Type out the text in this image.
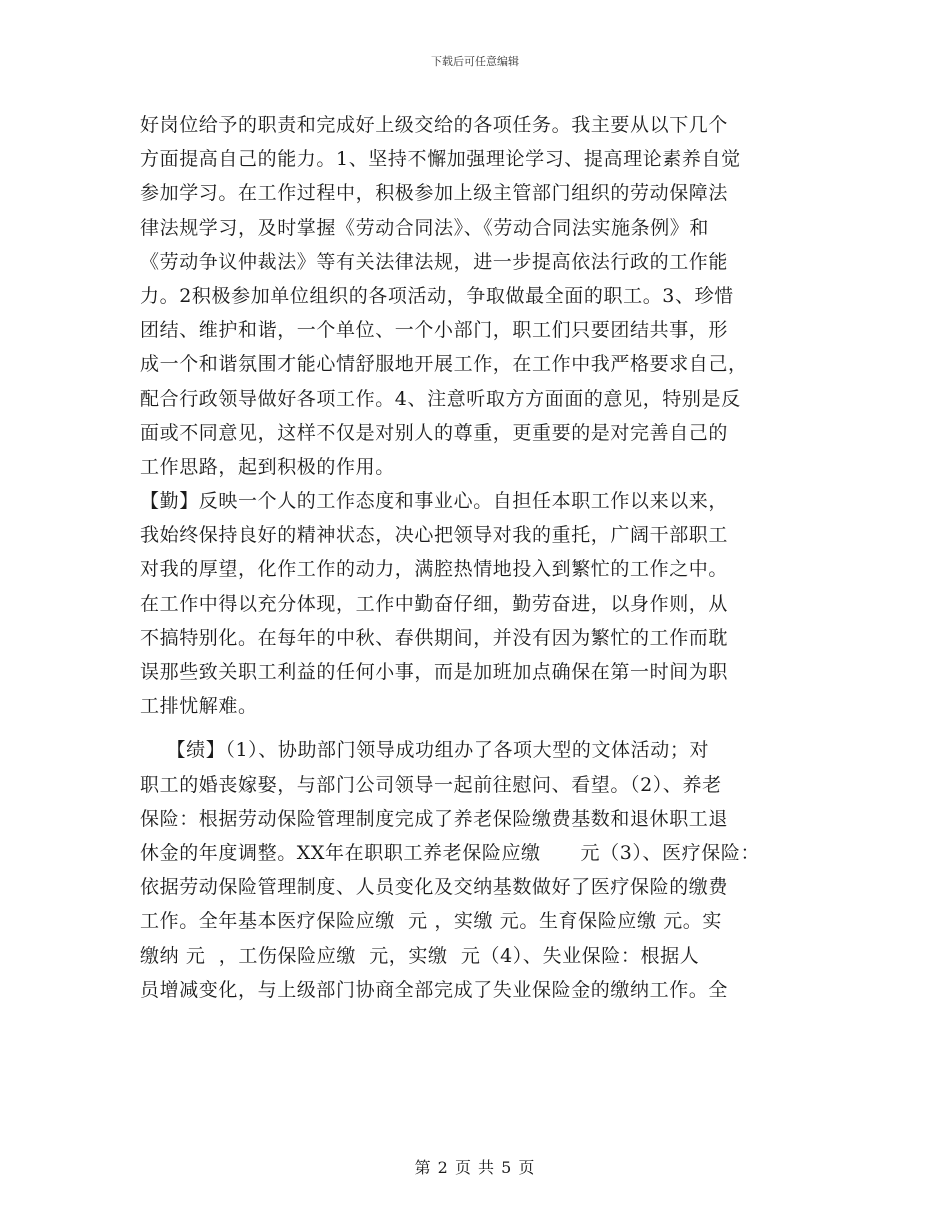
下载后可任意编辑
好岗位给予的职责和完成好上级交给的各项任务。我主要从以下几个
方面提高自己的能力。1、坚持不懈加强理论学习、提高理论素养自觉
参加学习。在工作过程中，积极参加上级主管部门组织的劳动保障法
律法规学习，及时掌握《劳动合同法》、《劳动合同法实施条例》和
《劳动争议仲裁法》等有关法律法规，进一步提高依法行政的工作能
力。2积极参加单位组织的各项活动，争取做最全面的职工。3、珍惜
团结、维护和谐，一个单位、一个小部门，职工们只要团结共事，形
成一个和谐氛围才能心情舒服地开展工作，在工作中我严格要求自己，
配合行政领导做好各项工作。4、注意听取方方面面的意见，特别是反
面或不同意见，这样不仅是对别人的尊重，更重要的是对完善自己的
工作思路，起到积极的作用。
【勤】反映一个人的工作态度和事业心。自担任本职工作以来以来，
我始终保持良好的精神状态，决心把领导对我的重托，广阔干部职工
对我的厚望，化作工作的动力，满腔热情地投入到繁忙的工作之中。
在工作中得以充分体现，工作中勤奋仔细，勤劳奋进，以身作则，从
不搞特别化。在每年的中秋、春供期间，并没有因为繁忙的工作而耽
误那些致关职工利益的任何小事，而是加班加点确保在第一时间为职
工排忧解难。
【绩】（1）、协助部门领导成功组办了各项大型的文体活动；对
职工的婚丧嫁娶，与部门公司领导一起前往慰问、看望。（2）、养老
保险：根据劳动保险管理制度完成了养老保险缴费基数和退休职工退
休金的年度调整。XX年在职职工养老保险应缴      元（3）、医疗保险：
依据劳动保险管理制度、人员变化及交纳基数做好了医疗保险的缴费
工作。全年基本医疗保险应缴  元 ，实缴 元。生育保险应缴 元。实
缴纳 元  ，工伤保险应缴  元，实缴  元（4）、失业保险：根据人
员增减变化，与上级部门协商全部完成了失业保险金的缴纳工作。全
第 2 页 共 5 页
